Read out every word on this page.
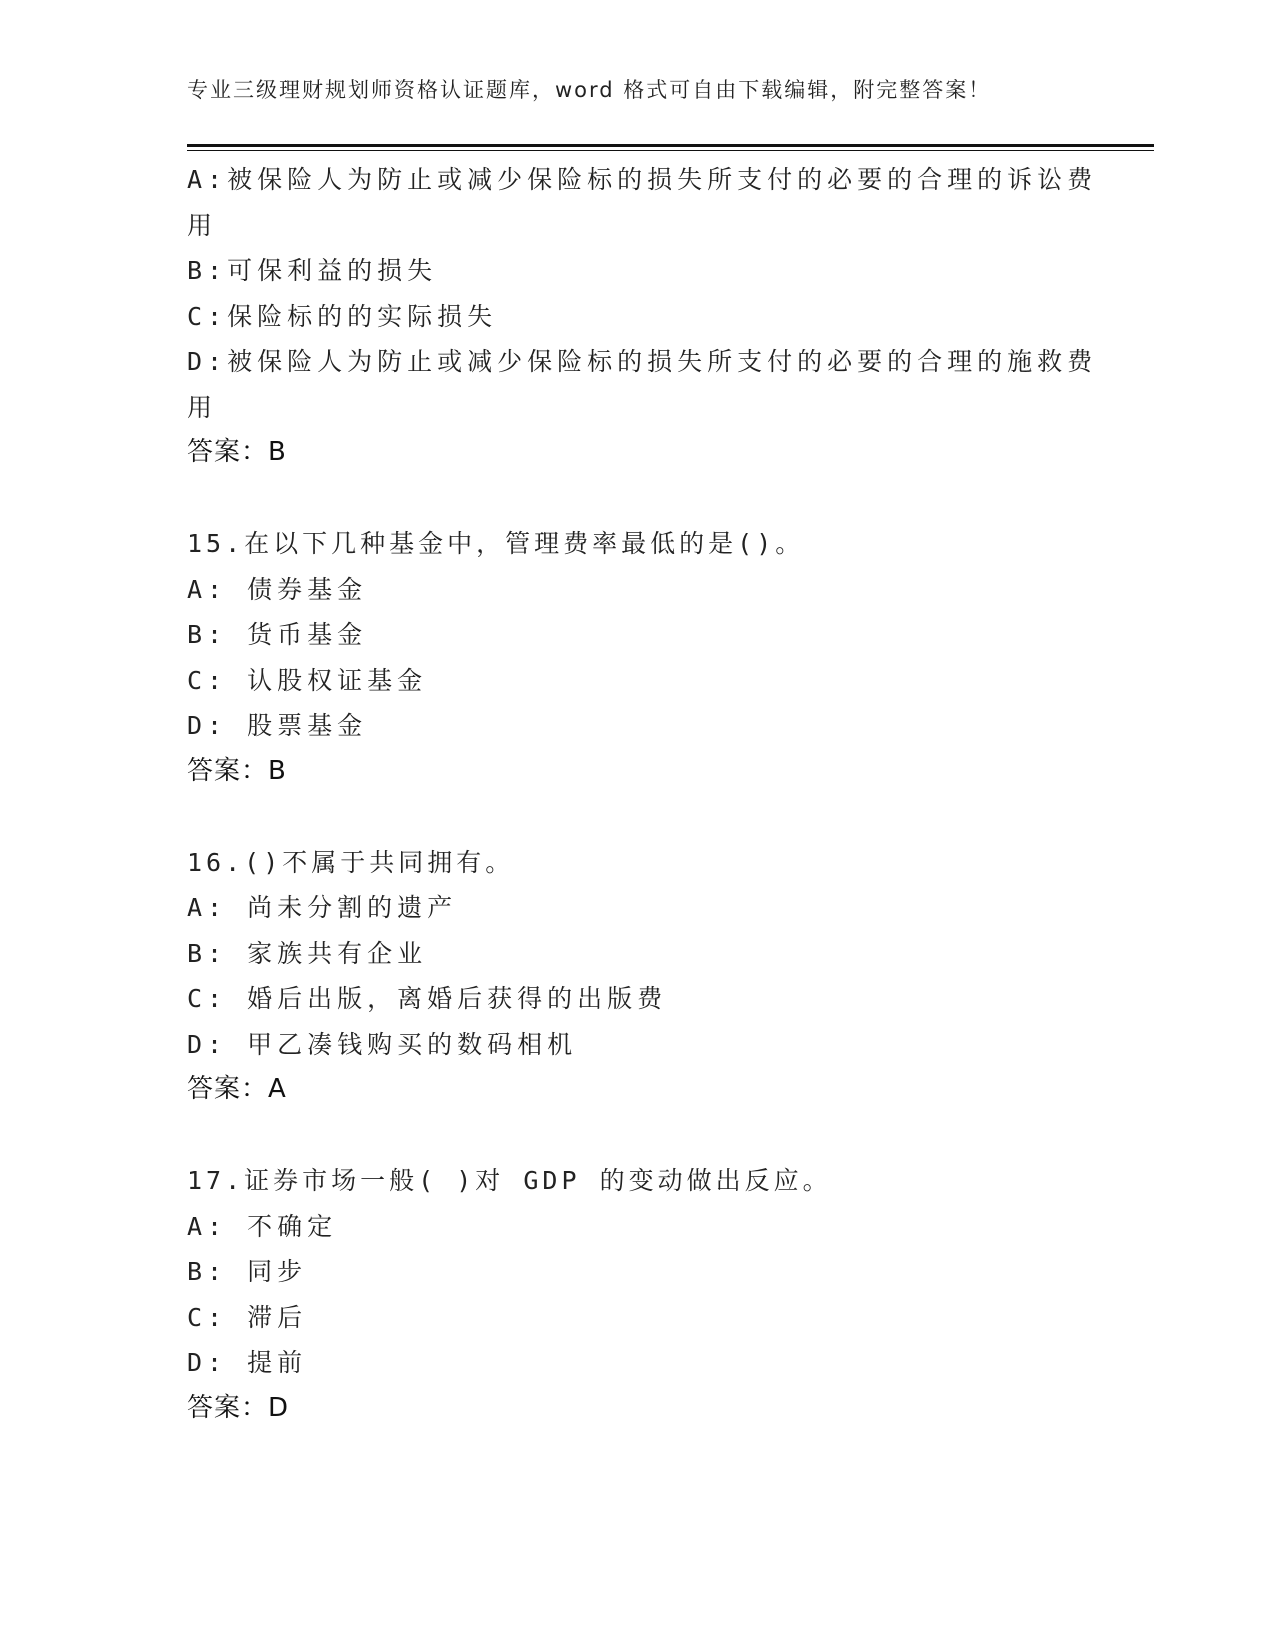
专业三级理财规划师资格认证题库，word 格式可自由下载编辑，附完整答案！
A:被保险人为防止或减少保险标的损失所支付的必要的合理的诉讼费
用
B:可保利益的损失
C:保险标的的实际损失
D:被保险人为防止或减少保险标的损失所支付的必要的合理的施救费
用
答案：B
15.在以下几种基金中，管理费率最低的是()。
A: 债券基金
B: 货币基金
C: 认股权证基金
D: 股票基金
答案：B
16.()不属于共同拥有。
A: 尚未分割的遗产
B: 家族共有企业
C: 婚后出版，离婚后获得的出版费
D: 甲乙凑钱购买的数码相机
答案：A
17.证券市场一般( )对 GDP 的变动做出反应。
A: 不确定
B: 同步
C: 滞后
D: 提前
答案：D
